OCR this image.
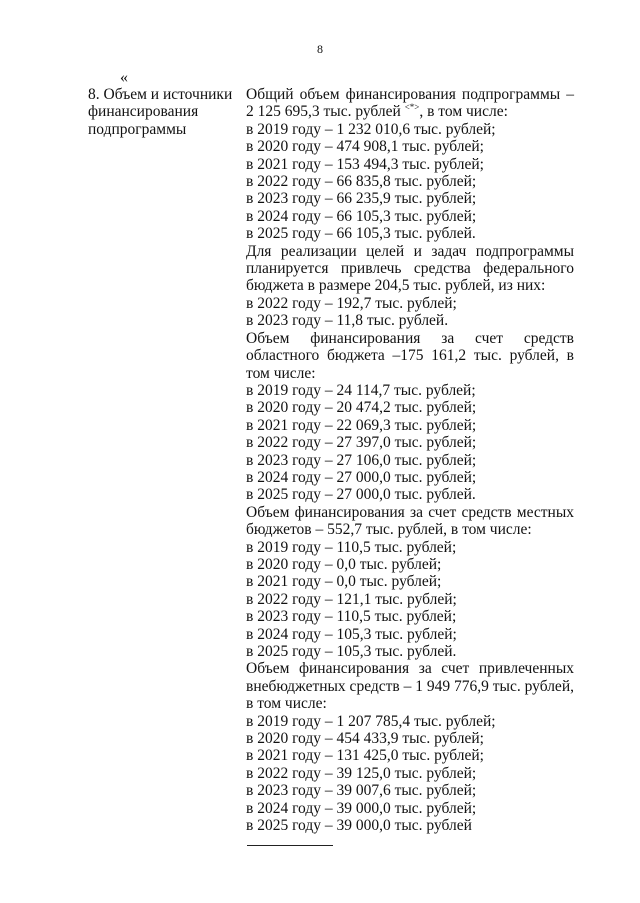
8
«
8. Объем и источники
финансирования
подпрограммы
Общий объем финансирования подпрограммы –
2 125 695,3 тыс. рублей <*>, в том числе:
в 2019 году – 1 232 010,6 тыс. рублей;
в 2020 году – 474 908,1 тыс. рублей;
в 2021 году – 153 494,3 тыс. рублей;
в 2022 году – 66 835,8 тыс. рублей;
в 2023 году – 66 235,9 тыс. рублей;
в 2024 году – 66 105,3 тыс. рублей;
в 2025 году – 66 105,3 тыс. рублей.
Для реализации целей и задач подпрограммы
планируется привлечь средства федерального
бюджета в размере 204,5 тыс. рублей, из них:
в 2022 году – 192,7 тыс. рублей;
в 2023 году – 11,8 тыс. рублей.
Объем финансирования за счет средств
областного бюджета –175 161,2 тыс. рублей, в
том числе:
в 2019 году – 24 114,7 тыс. рублей;
в 2020 году – 20 474,2 тыс. рублей;
в 2021 году – 22 069,3 тыс. рублей;
в 2022 году – 27 397,0 тыс. рублей;
в 2023 году – 27 106,0 тыс. рублей;
в 2024 году – 27 000,0 тыс. рублей;
в 2025 году – 27 000,0 тыс. рублей.
Объем финансирования за счет средств местных
бюджетов – 552,7 тыс. рублей, в том числе:
в 2019 году – 110,5 тыс. рублей;
в 2020 году – 0,0 тыс. рублей;
в 2021 году – 0,0 тыс. рублей;
в 2022 году – 121,1 тыс. рублей;
в 2023 году – 110,5 тыс. рублей;
в 2024 году – 105,3 тыс. рублей;
в 2025 году – 105,3 тыс. рублей.
Объем финансирования за счет привлеченных
внебюджетных средств – 1 949 776,9 тыс. рублей,
в том числе:
в 2019 году – 1 207 785,4 тыс. рублей;
в 2020 году – 454 433,9 тыс. рублей;
в 2021 году – 131 425,0 тыс. рублей;
в 2022 году – 39 125,0 тыс. рублей;
в 2023 году – 39 007,6 тыс. рублей;
в 2024 году – 39 000,0 тыс. рублей;
в 2025 году – 39 000,0 тыс. рублей
